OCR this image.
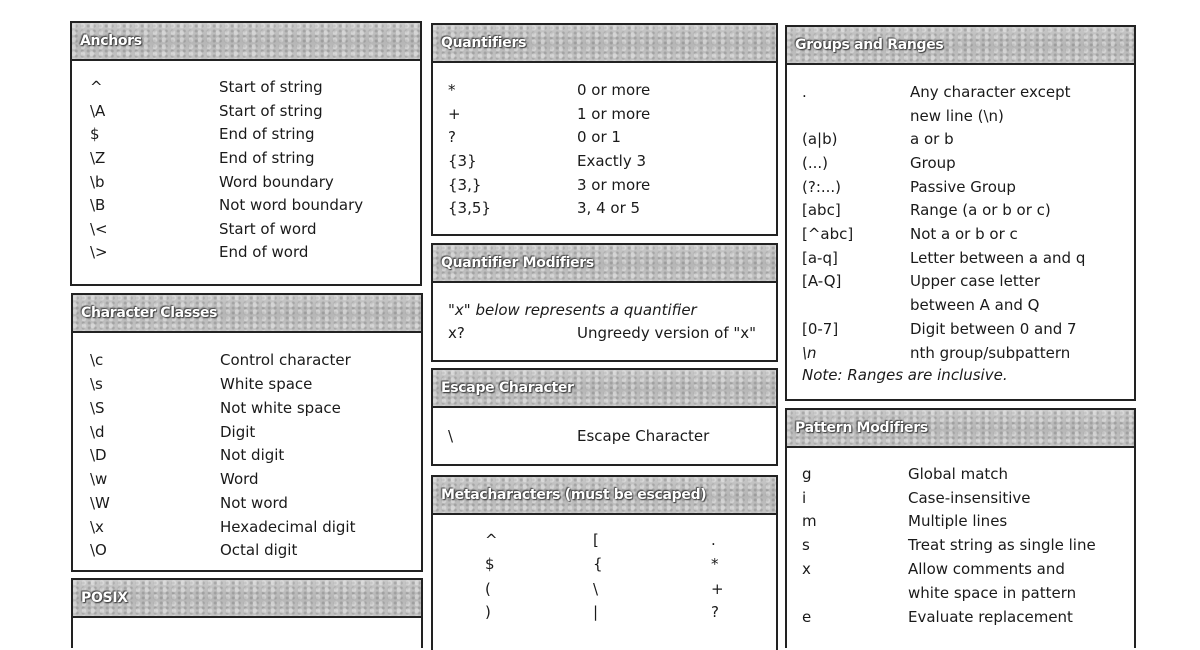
Anchors
^	Start of string
\A	Start of string
$	End of string
\Z	End of string
\b	Word boundary
\B	Not word boundary
\<	Start of word
\>	End of word
Character Classes
\c	Control character
\s	White space
\S	Not white space
\d	Digit
\D	Not digit
\w	Word
\W	Not word
\x	Hexadecimal digit
\O	Octal digit
POSIX
Quantifiers
*	0 or more
+	1 or more
?	0 or 1
{3}	Exactly 3
{3,}	3 or more
{3,5}	3, 4 or 5
Quantifier Modifiers
"x" below represents a quantifier
x?	Ungreedy version of "x"
Escape Character
\	Escape Character
Metacharacters (must be escaped)
^	[	.
$	{	*
(	\	+
)	|	?
Groups and Ranges
.	Any character except
new line (\n)
(a|b)	a or b
(...)	Group
(?:...)	Passive Group
[abc]	Range (a or b or c)
[^abc]	Not a or b or c
[a-q]	Letter between a and q
[A-Q]	Upper case letter
between A and Q
[0-7]	Digit between 0 and 7
\n	nth group/subpattern
Note: Ranges are inclusive.
Pattern Modifiers
g	Global match
i	Case-insensitive
m	Multiple lines
s	Treat string as single line
x	Allow comments and
white space in pattern
e	Evaluate replacement
